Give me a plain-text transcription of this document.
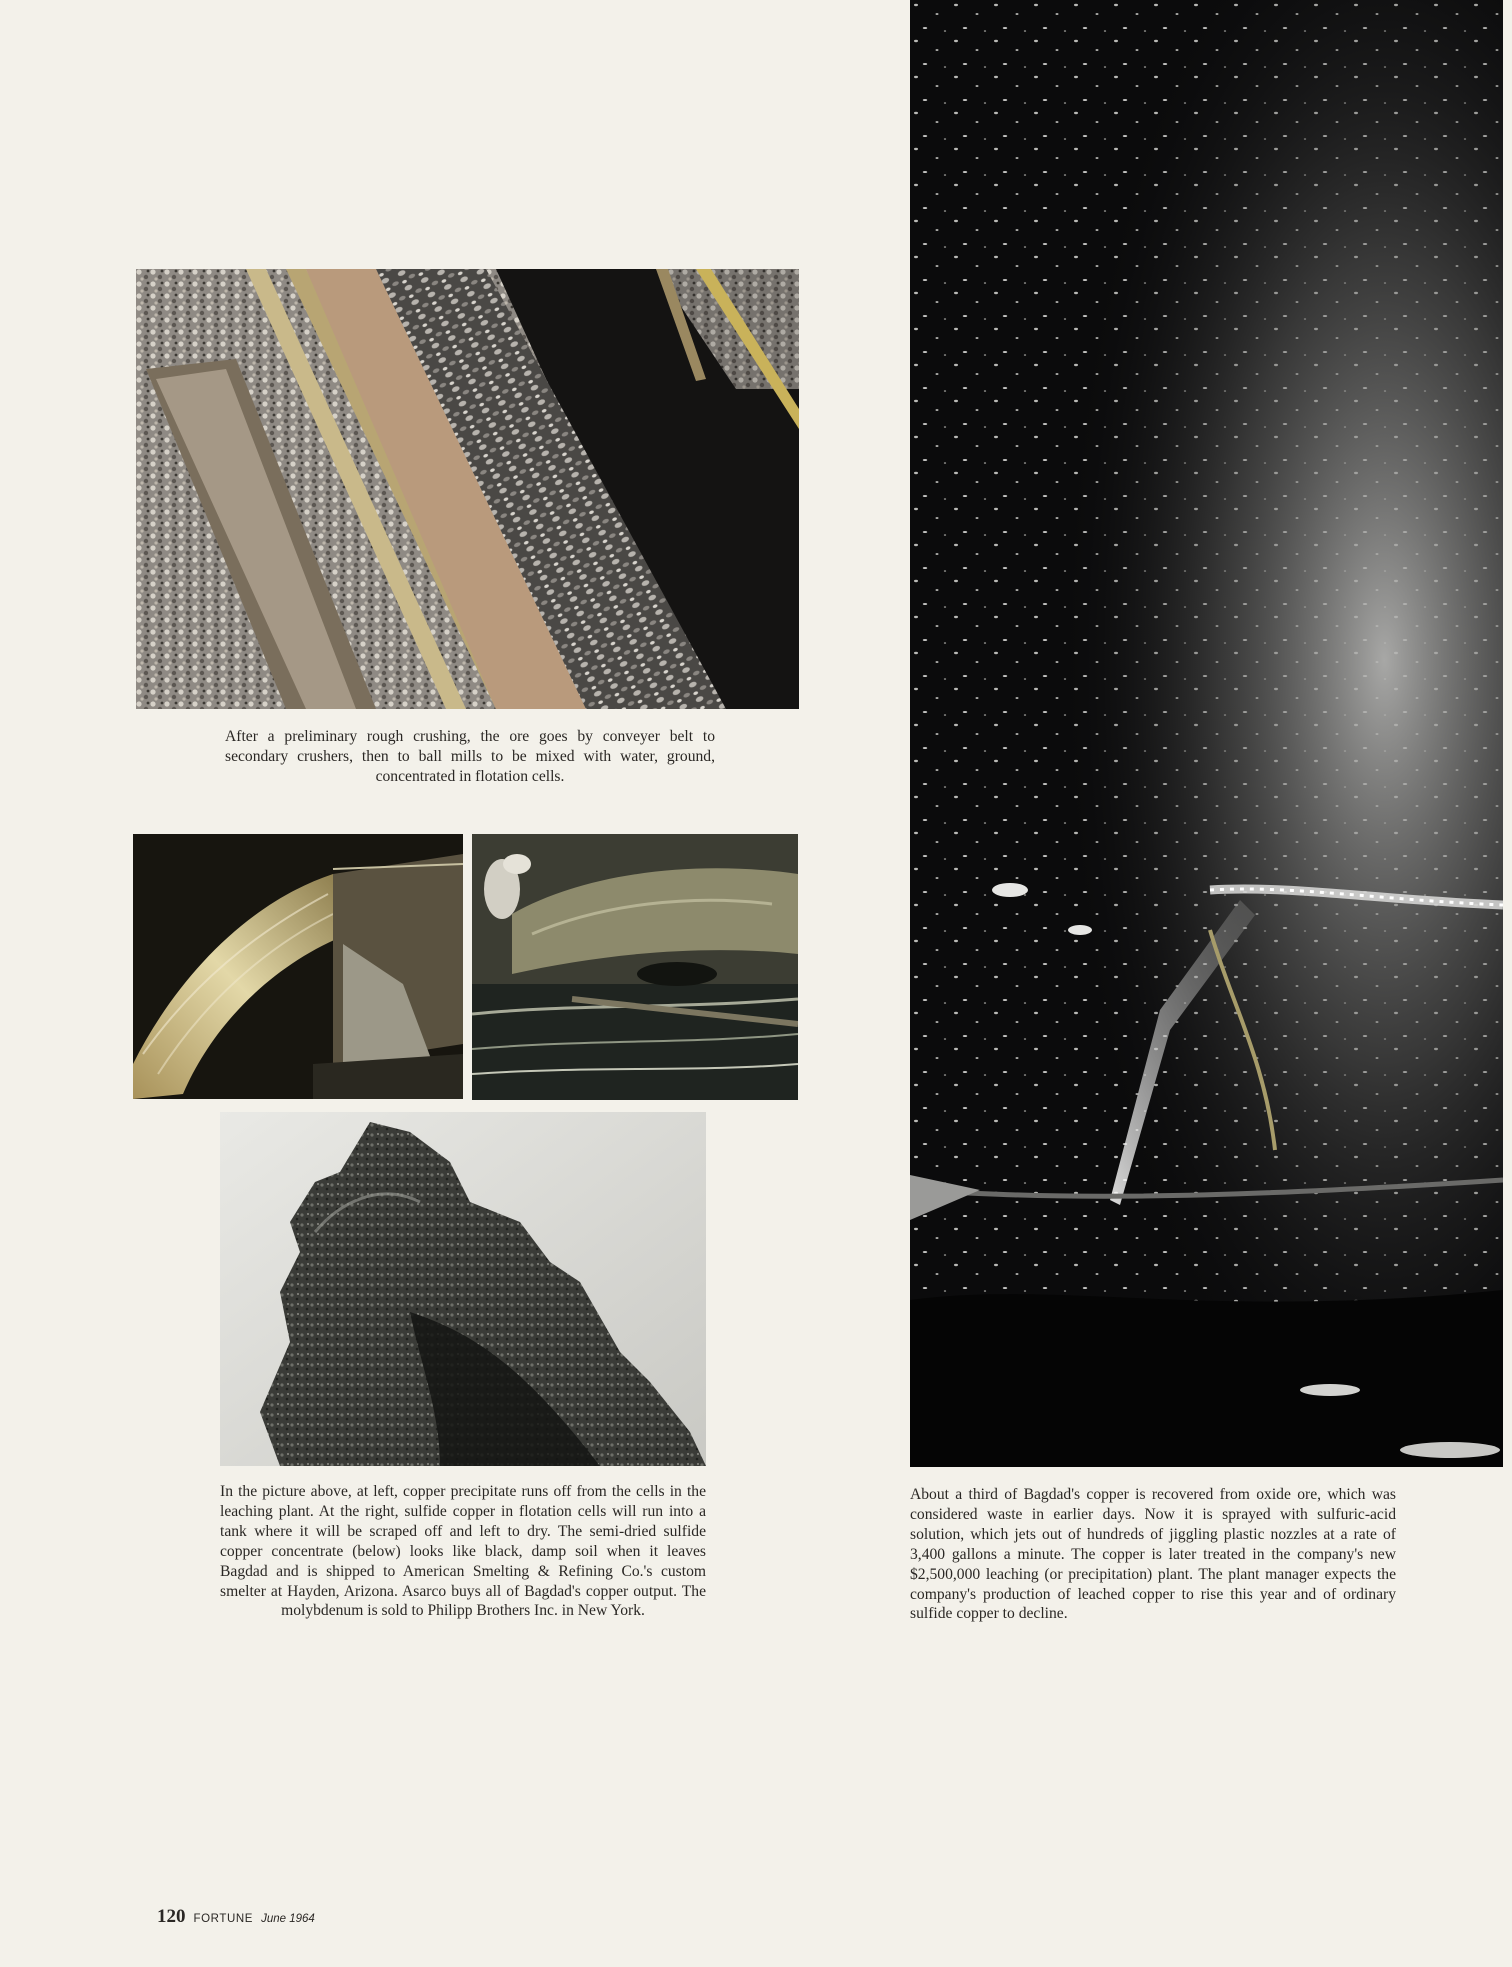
After a preliminary rough crushing, the ore goes by conveyer belt to secondary crushers, then to ball mills to be mixed with water, ground, concentrated in flotation cells.

In the picture above, at left, copper precipitate runs off from the cells in the leaching plant. At the right, sulfide copper in flotation cells will run into a tank where it will be scraped off and left to dry. The semi-dried sulfide copper concentrate (below) looks like black, damp soil when it leaves Bagdad and is shipped to American Smelting & Refining Co.'s custom smelter at Hayden, Arizona. Asarco buys all of Bagdad's copper output. The molybdenum is sold to Philipp Brothers Inc. in New York.

About a third of Bagdad's copper is recovered from oxide ore, which was considered waste in earlier days. Now it is sprayed with sulfuric-acid solution, which jets out of hundreds of jiggling plastic nozzles at a rate of 3,400 gallons a minute. The copper is later treated in the company's new $2,500,000 leaching (or precipitation) plant. The plant manager expects the company's production of leached copper to rise this year and of ordinary sulfide copper to decline.

120 FORTUNE June 1964
